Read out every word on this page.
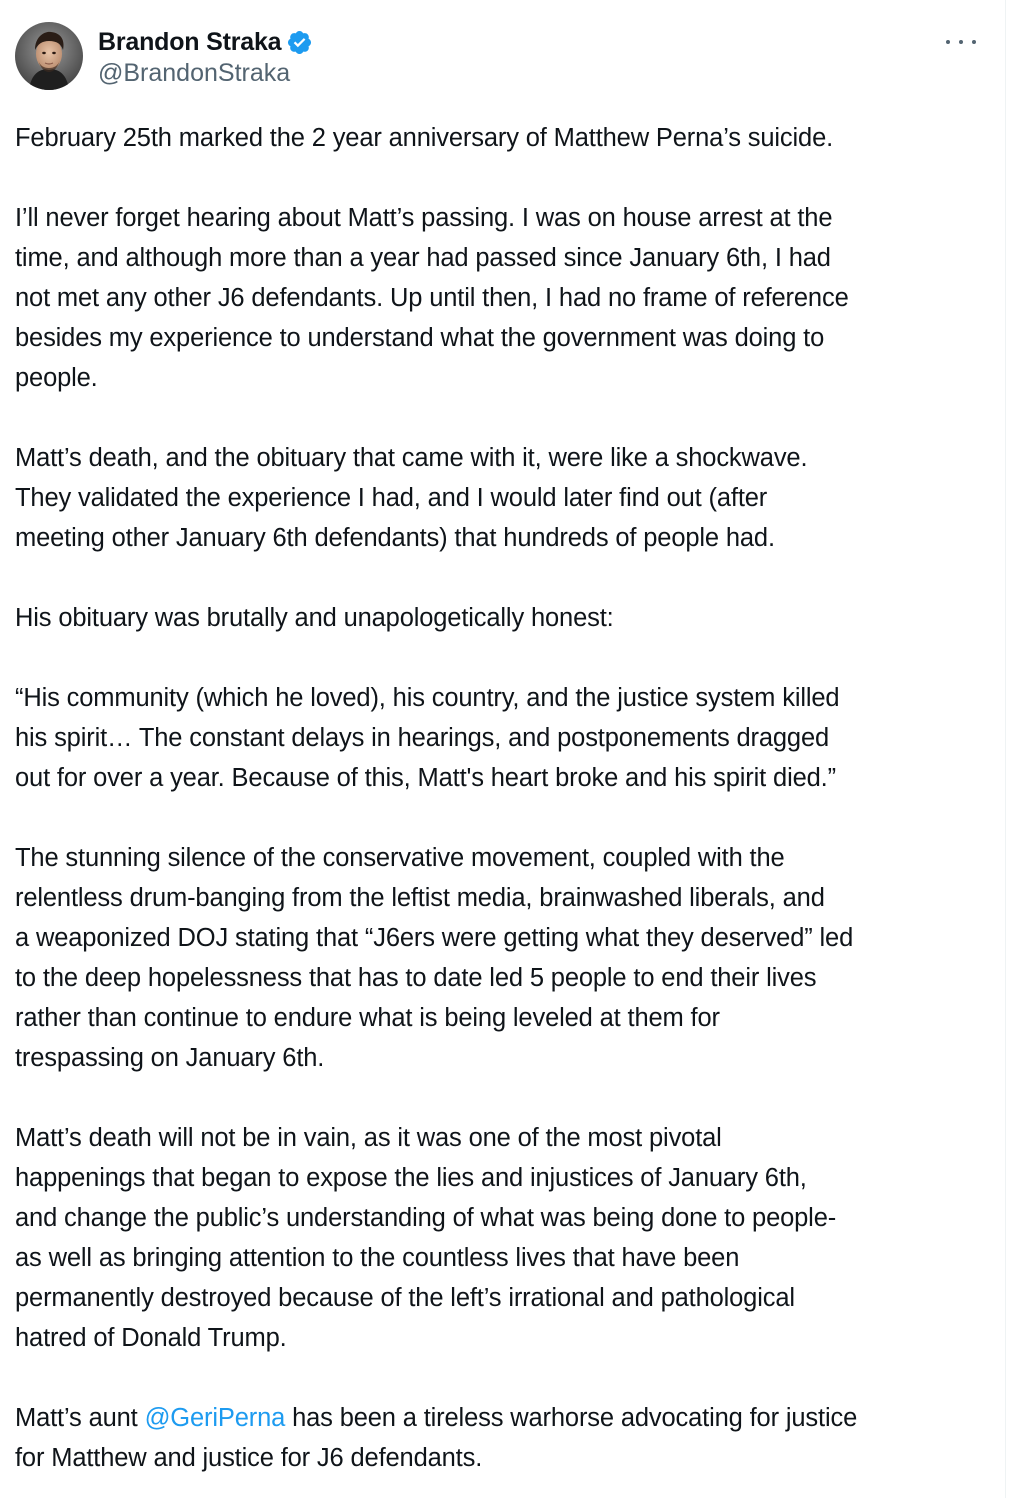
Brandon Straka
@BrandonStraka
February 25th marked the 2 year anniversary of Matthew Perna’s suicide.
I’ll never forget hearing about Matt’s passing. I was on house arrest at the
time, and although more than a year had passed since January 6th, I had
not met any other J6 defendants. Up until then, I had no frame of reference
besides my experience to understand what the government was doing to
people.
Matt’s death, and the obituary that came with it, were like a shockwave.
They validated the experience I had, and I would later find out (after
meeting other January 6th defendants) that hundreds of people had.
His obituary was brutally and unapologetically honest:
“His community (which he loved), his country, and the justice system killed
his spirit… The constant delays in hearings, and postponements dragged
out for over a year. Because of this, Matt's heart broke and his spirit died.”
The stunning silence of the conservative movement, coupled with the
relentless drum-banging from the leftist media, brainwashed liberals, and
a weaponized DOJ stating that “J6ers were getting what they deserved” led
to the deep hopelessness that has to date led 5 people to end their lives
rather than continue to endure what is being leveled at them for
trespassing on January 6th.
Matt’s death will not be in vain, as it was one of the most pivotal
happenings that began to expose the lies and injustices of January 6th,
and change the public’s understanding of what was being done to people-
as well as bringing attention to the countless lives that have been
permanently destroyed because of the left’s irrational and pathological
hatred of Donald Trump.
Matt’s aunt @GeriPerna has been a tireless warhorse advocating for justice
for Matthew and justice for J6 defendants.
